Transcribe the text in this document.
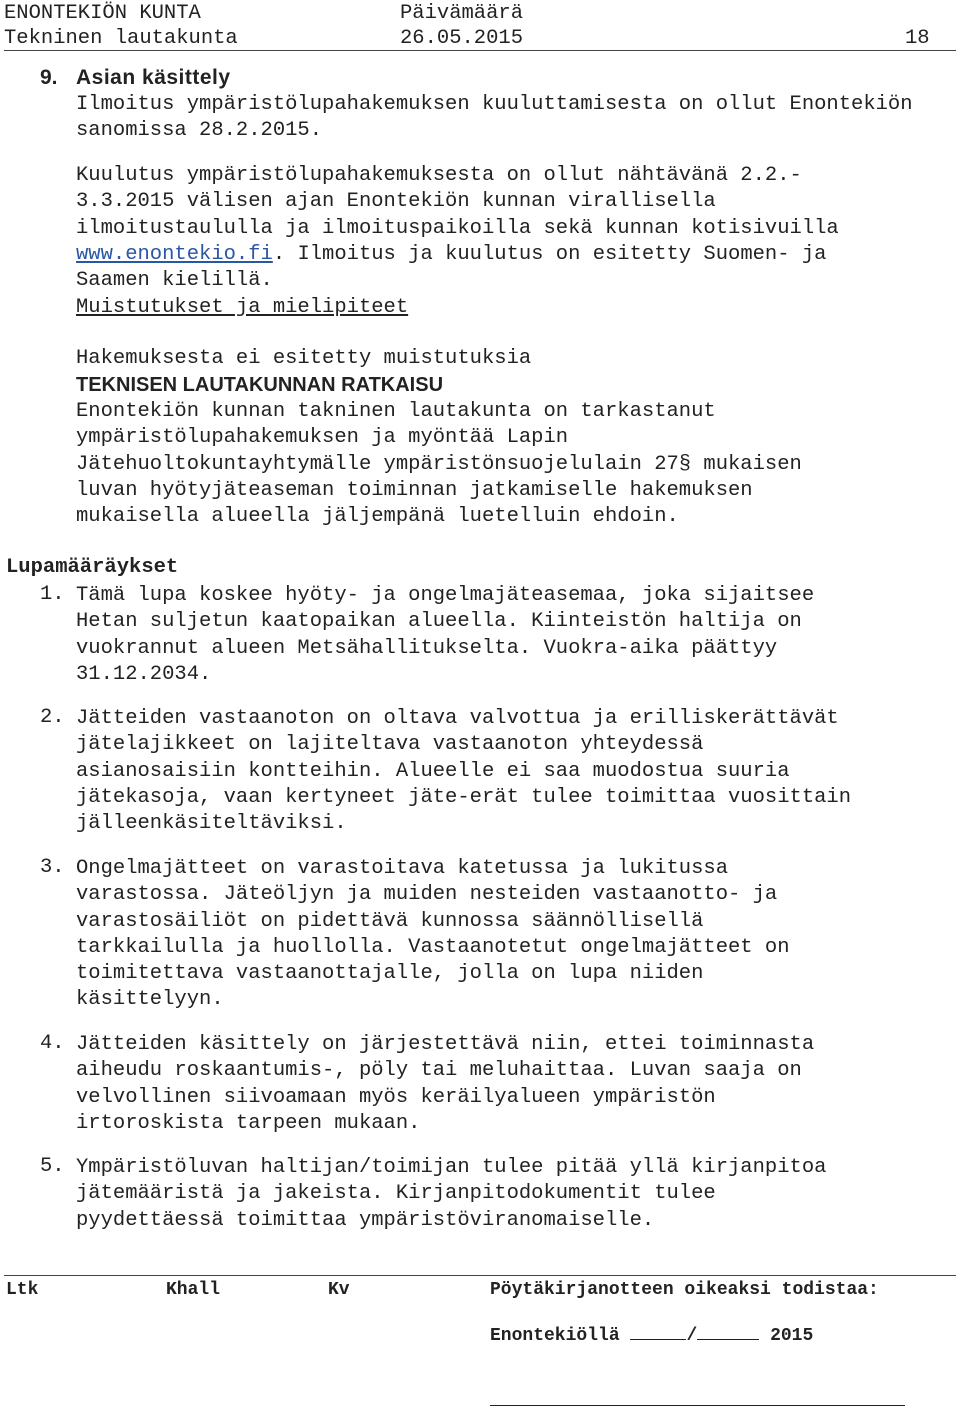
ENONTEKIÖN KUNTA
Tekninen lautakunta
Päivämäärä
26.05.2015	18
9. Asian käsittely

Ilmoitus ympäristölupahakemuksen kuuluttamisesta on ollut Enontekiön sanomissa 28.2.2015.

Kuulutus ympäristölupahakemuksesta on ollut nähtävänä 2.2.-

3.3.2015 välisen ajan Enontekiön kunnan virallisella

ilmoitustaululla ja ilmoituspaikoilla sekä kunnan kotisivuilla

www.enontekio.fi. Ilmoitus ja kuulutus on esitetty Suomen- ja

Saamen kielillä.

Muistutukset ja mielipiteet
Hakemuksesta ei esitetty muistutuksia
TEKNISEN LAUTAKUNNAN RATKAISU

Enontekiön kunnan takninen lautakunta on tarkastanut

ympäristölupahakemuksen ja myöntää Lapin

Jätehuoltokuntayhtymälle ympäristönsuojelulain 27§ mukaisen

luvan hyötyjäteaseman toiminnan jatkamiselle hakemuksen

mukaisella alueella jäljempänä luetelluin ehdoin.

Lupamääräykset
1. Tämä lupa koskee hyöty- ja ongelmajäteasemaa, joka sijaitsee

Hetan suljetun kaatopaikan alueella. Kiinteistön haltija on

vuokrannut alueen Metsähallitukselta. Vuokra-aika päättyy

31.12.2034.

2. Jätteiden vastaanoton on oltava valvottua ja erilliskerättävät

jätelajikkeet on lajiteltava vastaanoton yhteydessä

asianosaisiin kontteihin. Alueelle ei saa muodostua suuria

jätekasoja, vaan kertyneet jäte-erät tulee toimittaa vuosittain

jälleenkäsiteltäviksi.

3. Ongelmajätteet on varastoitava katetussa ja lukitussa

varastossa. Jäteöljyn ja muiden nesteiden vastaanotto- ja

varastosäiliöt on pidettävä kunnossa säännöllisellä

tarkkailulla ja huollolla. Vastaanotetut ongelmajätteet on

toimitettava vastaanottajalle, jolla on lupa niiden

käsittelyyn.

4. Jätteiden käsittely on järjestettävä niin, ettei toiminnasta

aiheudu roskaantumis-, pöly tai meluhaittaa. Luvan saaja on

velvollinen siivoamaan myös keräilyalueen ympäristön

irtoroskista tarpeen mukaan.

5. Ympäristöluvan haltijan/toimijan tulee pitää yllä kirjanpitoa

jätemääristä ja jakeista. Kirjanpitodokumentit tulee

pyydettäessä toimittaa ympäristöviranomaiselle.

Ltk	Khall	Kv	Pöytäkirjanotteen oikeaksi todistaa:
Enontekiöllä	/	2015
